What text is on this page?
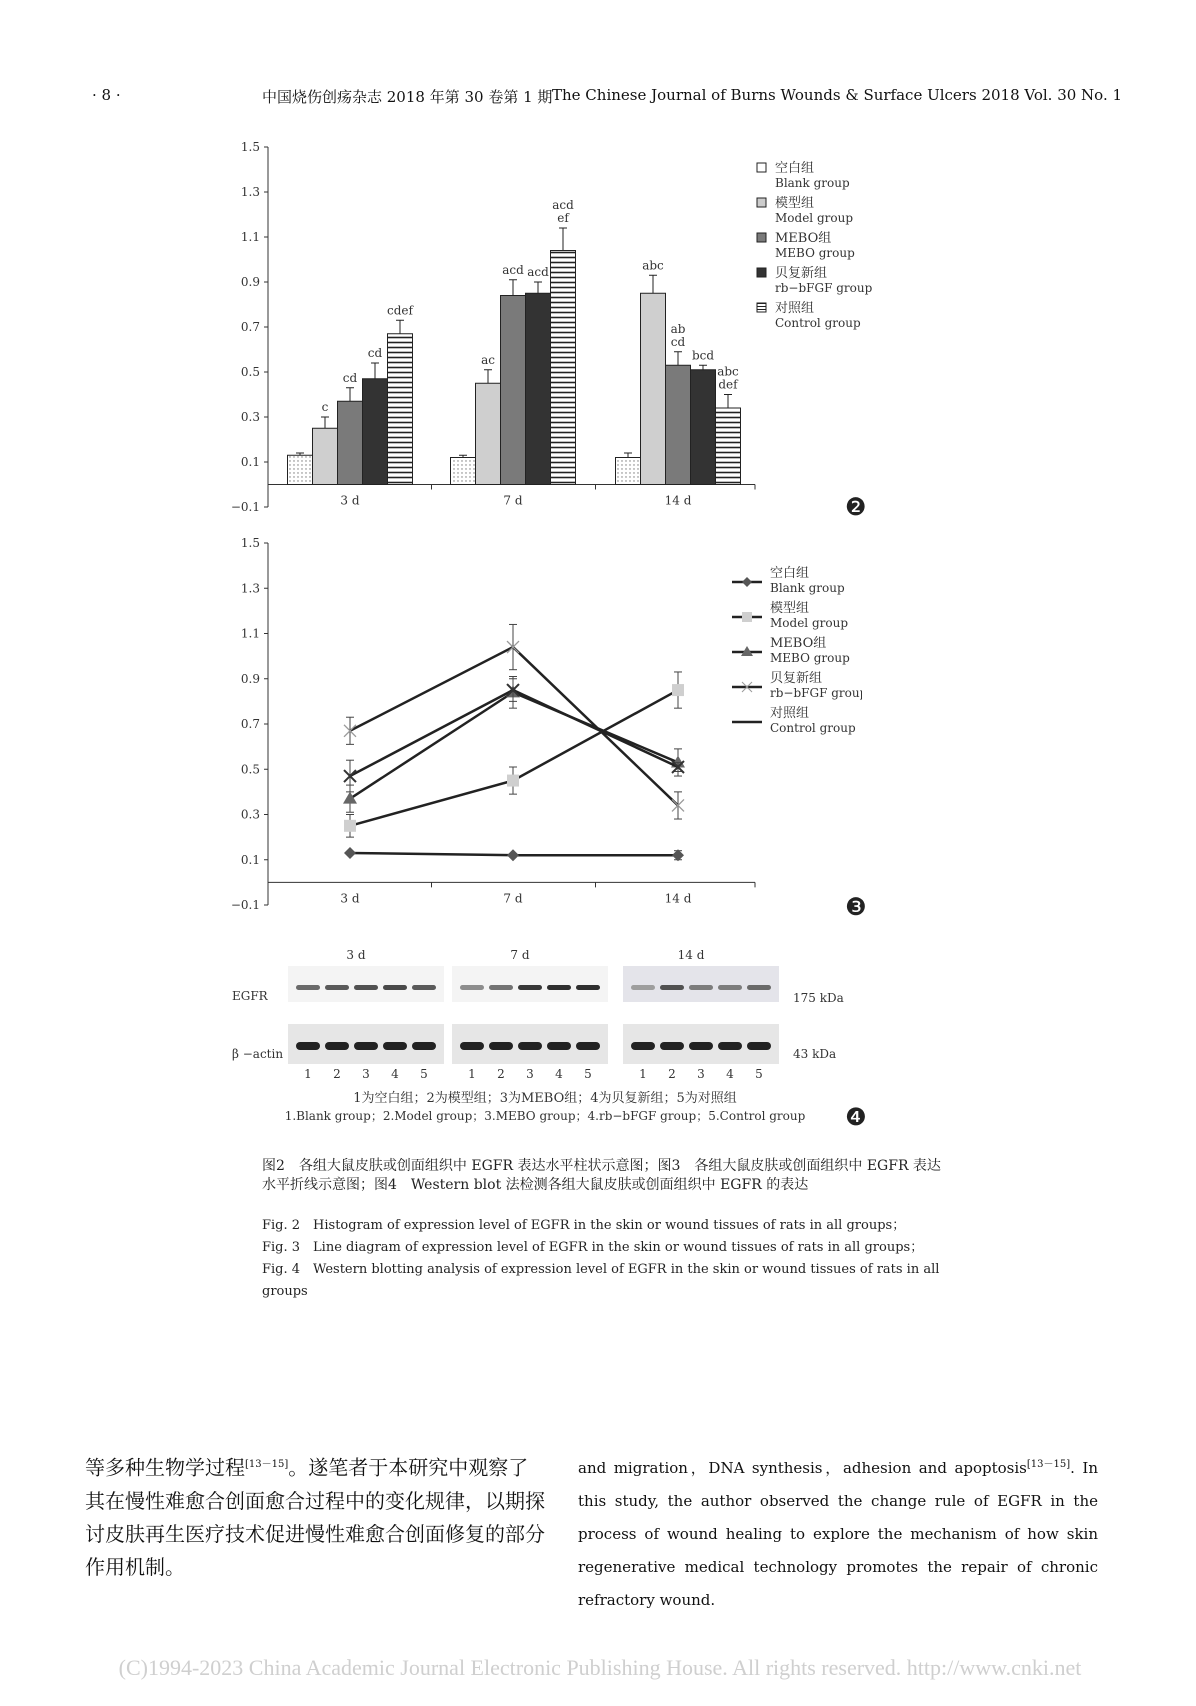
· 8 ·	中国烧伤创疡杂志 2018 年第 30 卷第 1 期 The Chinese Journal of Burns Wounds & Surface Ulcers 2018 Vol. 30 No. 1
1.5
1.3
1.1
0.9
0.7
0.5
0.3
0.1
−0.1	3 d	7 d	14 d
c
cd
cd
cdef
ac
acd acd
acd
ef
abc
ab
cd
bcd
abc
def
1.5
1.3
1.1
0.9
0.7
0.5
0.3
0.1
−0.1	3 d	7 d	14 d
空白组
Blank group
模型组
Model group
MEBO组
MEBO group
贝复新组
rb−bFGF group
对照组
Control group
空白组
Blank group
模型组
Model group
MEBO组
MEBO group
贝复新组
rb−bFGF group
对照组
Control group
❷
❸
❹
3 d	7 d	14 d
EGFR
β −actin
175 kDa
43 kDa
1 2 3 4 5	1 2 3 4 5	1 2 3 4 5
1为空白组；2为模型组；3为MEBO组；4为贝复新组；5为对照组
1.Blank group；2.Model group；3.MEBO group；4.rb−bFGF group；5.Control group
图2　各组大鼠皮肤或创面组织中 EGFR 表达水平柱状示意图；图3　各组大鼠皮肤或创面组织中 EGFR 表达水平折线示意图；图4　Western blot 法检测各组大鼠皮肤或创面组织中 EGFR 的表达

Fig. 2　Histogram of expression level of EGFR in the skin or wound tissues of rats in all groups；

Fig. 3　Line diagram of expression level of EGFR in the skin or wound tissues of rats in all groups；

Fig. 4　Western blotting analysis of expression level of EGFR in the skin or wound tissues of rats in all groups

等多种生物学过程[13－15]。遂笔者于本研究中观察了其在慢性难愈合创面愈合过程中的变化规律，以期探讨皮肤再生医疗技术促进慢性难愈合创面修复的部分作用机制。
and migration，DNA synthesis，adhesion and apoptosis[13－15]. In this study, the author observed the change rule of EGFR in the process of wound healing to explore the mechanism of how skin regenerative medical technology promotes the repair of chronic refractory wound.
(C)1994-2023 China Academic Journal Electronic Publishing House. All rights reserved. http://www.cnki.net
